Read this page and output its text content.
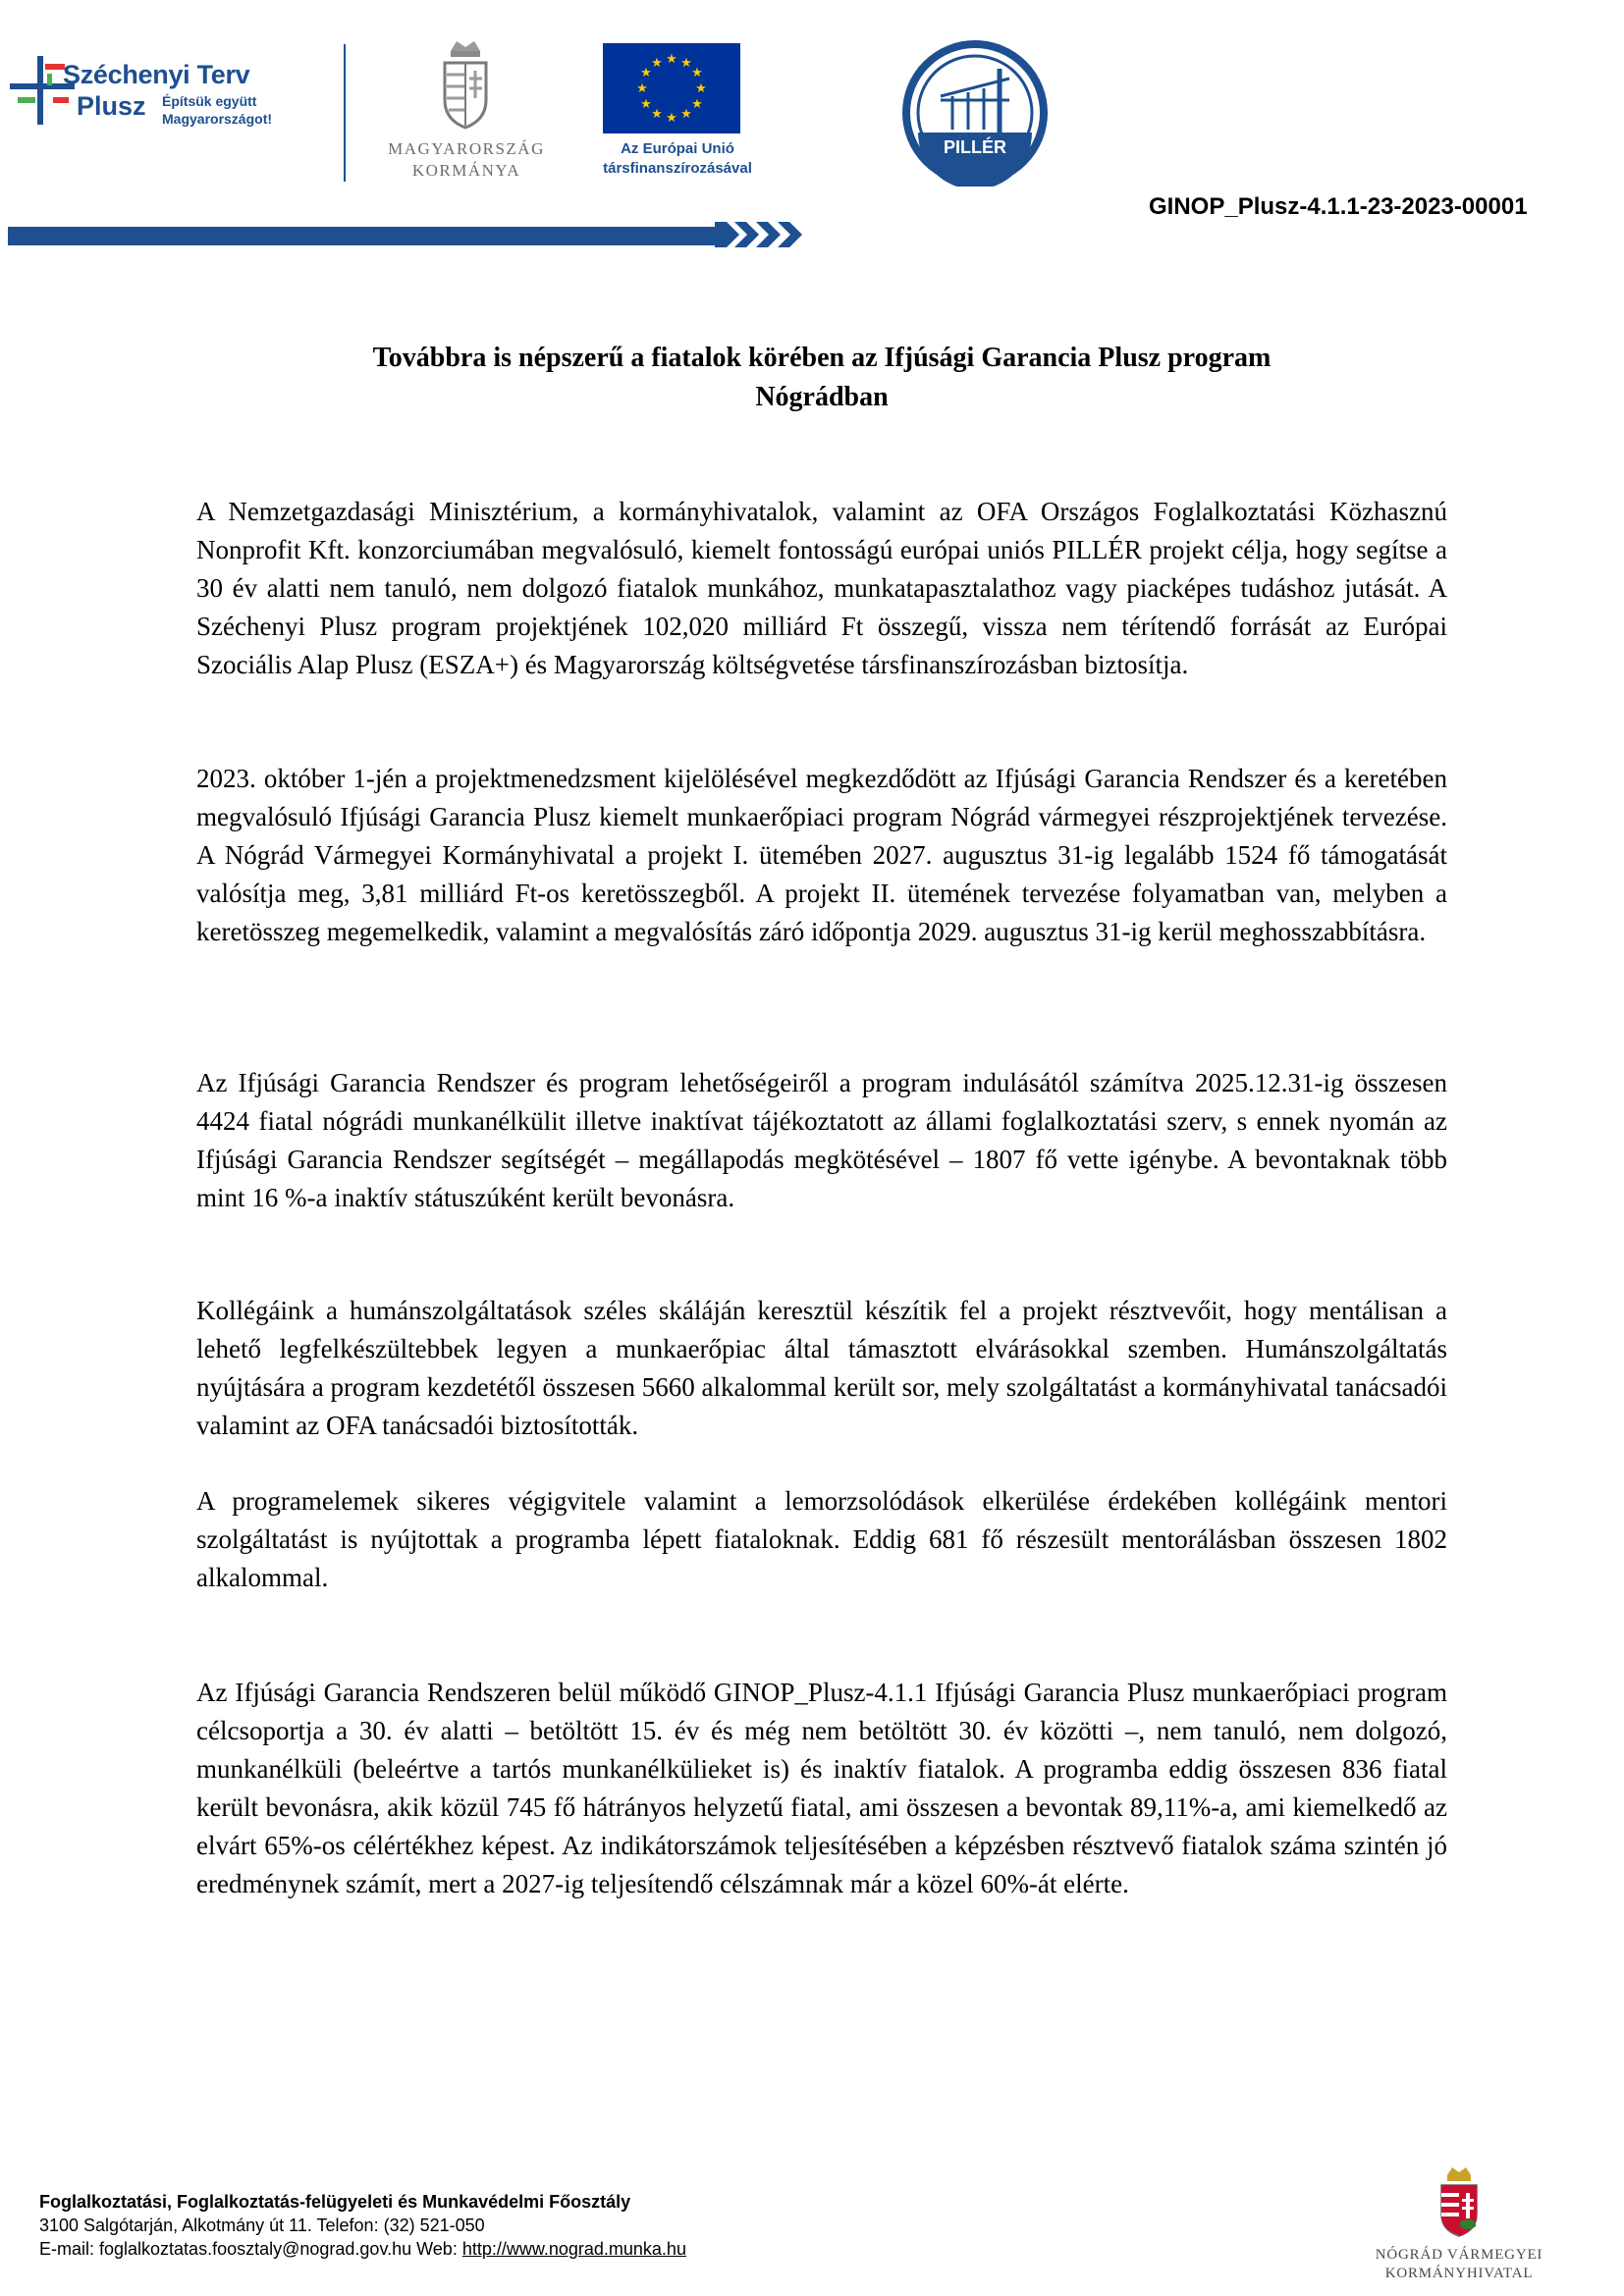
Széchenyi Terv
Plusz Építsük együtt
Magyarországot!
MAGYARORSZÁG
KORMÁNYA
★ ★
★
★
★
★
★
★
★
★
★
★
Az Európai Unió
társfinanszírozásával
PILLÉR
GINOP_Plusz-4.1.1-23-2023-00001
Továbbra is népszerű a fiatalok körében az Ifjúsági Garancia Plusz program
Nógrádban
A Nemzetgazdasági Minisztérium, a kormányhivatalok, valamint az OFA Országos Foglalkoztatási Közhasznú Nonprofit Kft. konzorciumában megvalósuló, kiemelt fontosságú európai uniós PILLÉR projekt célja, hogy segítse a 30 év alatti nem tanuló, nem dolgozó fiatalok munkához, munkatapasztalathoz vagy piacképes tudáshoz jutását. A Széchenyi Plusz program projektjének 102,020 milliárd Ft összegű, vissza nem térítendő forrását az Európai Szociális Alap Plusz (ESZA+) és Magyarország költségvetése társfinanszírozásban biztosítja.
2023. október 1-jén a projektmenedzsment kijelölésével megkezdődött az Ifjúsági Garancia Rendszer és a keretében megvalósuló Ifjúsági Garancia Plusz kiemelt munkaerőpiaci program Nógrád vármegyei részprojektjének tervezése. A Nógrád Vármegyei Kormányhivatal a projekt I. ütemében 2027. augusztus 31-ig legalább 1524 fő támogatását valósítja meg, 3,81 milliárd Ft-os keretösszegből. A projekt II. ütemének tervezése folyamatban van, melyben a keretösszeg megemelkedik, valamint a megvalósítás záró időpontja 2029. augusztus 31-ig kerül meghosszabbításra.
Az Ifjúsági Garancia Rendszer és program lehetőségeiről a program indulásától számítva 2025.12.31-ig összesen 4424 fiatal nógrádi munkanélkülit illetve inaktívat tájékoztatott az állami foglalkoztatási szerv, s ennek nyomán az Ifjúsági Garancia Rendszer segítségét – megállapodás megkötésével – 1807 fő vette igénybe. A bevontaknak több mint 16 %-a inaktív státuszúként került bevonásra.
Kollégáink a humánszolgáltatások széles skáláján keresztül készítik fel a projekt résztvevőit, hogy mentálisan a lehető legfelkészültebbek legyen a munkaerőpiac által támasztott elvárásokkal szemben. Humánszolgáltatás nyújtására a program kezdetétől összesen 5660 alkalommal került sor, mely szolgáltatást a kormányhivatal tanácsadói valamint az OFA tanácsadói biztosították.
A programelemek sikeres végigvitele valamint a lemorzsolódások elkerülése érdekében kollégáink mentori szolgáltatást is nyújtottak a programba lépett fiataloknak. Eddig 681 fő részesült mentorálásban összesen 1802 alkalommal.
Az Ifjúsági Garancia Rendszeren belül működő GINOP_Plusz-4.1.1 Ifjúsági Garancia Plusz munkaerőpiaci program célcsoportja a 30. év alatti – betöltött 15. év és még nem betöltött 30. év közötti –, nem tanuló, nem dolgozó, munkanélküli (beleértve a tartós munkanélkülieket is) és inaktív fiatalok. A programba eddig összesen 836 fiatal került bevonásra, akik közül 745 fő hátrányos helyzetű fiatal, ami összesen a bevontak 89,11%-a, ami kiemelkedő az elvárt 65%-os célértékhez képest. Az indikátorszámok teljesítésében a képzésben résztvevő fiatalok száma szintén jó eredménynek számít, mert a 2027-ig teljesítendő célszámnak már a közel 60%-át elérte.
Foglalkoztatási, Foglalkoztatás-felügyeleti és Munkavédelmi Főosztály
3100 Salgótarján, Alkotmány út 11. Telefon: (32) 521-050
E-mail: foglalkoztatas.foosztaly@nograd.gov.hu Web: http://www.nograd.munka.hu	NÓGRÁD VÁRMEGYEI
KORMÁNYHIVATAL
